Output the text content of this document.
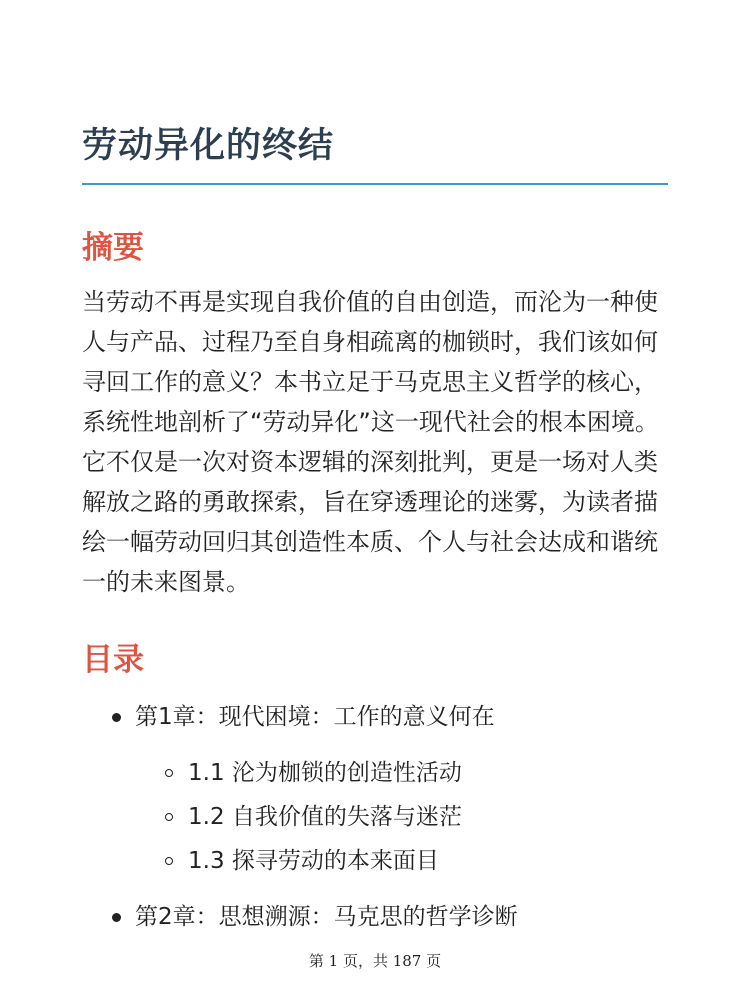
劳动异化的终结
摘要

当劳动不再是实现自我价值的自由创造，而沦为一种使人与产品、过程乃至自身相疏离的枷锁时，我们该如何寻回工作的意义？本书立足于马克思主义哲学的核心，系统性地剖析了“劳动异化”这一现代社会的根本困境。它不仅是一次对资本逻辑的深刻批判，更是一场对人类解放之路的勇敢探索，旨在穿透理论的迷雾，为读者描绘一幅劳动回归其创造性本质、个人与社会达成和谐统一的未来图景。

目录
第1章：现代困境：工作的意义何在
1.1 沦为枷锁的创造性活动
1.2 自我价值的失落与迷茫
1.3 探寻劳动的本来面目
第2章：思想溯源：马克思的哲学诊断
第 1 页，共 187 页
